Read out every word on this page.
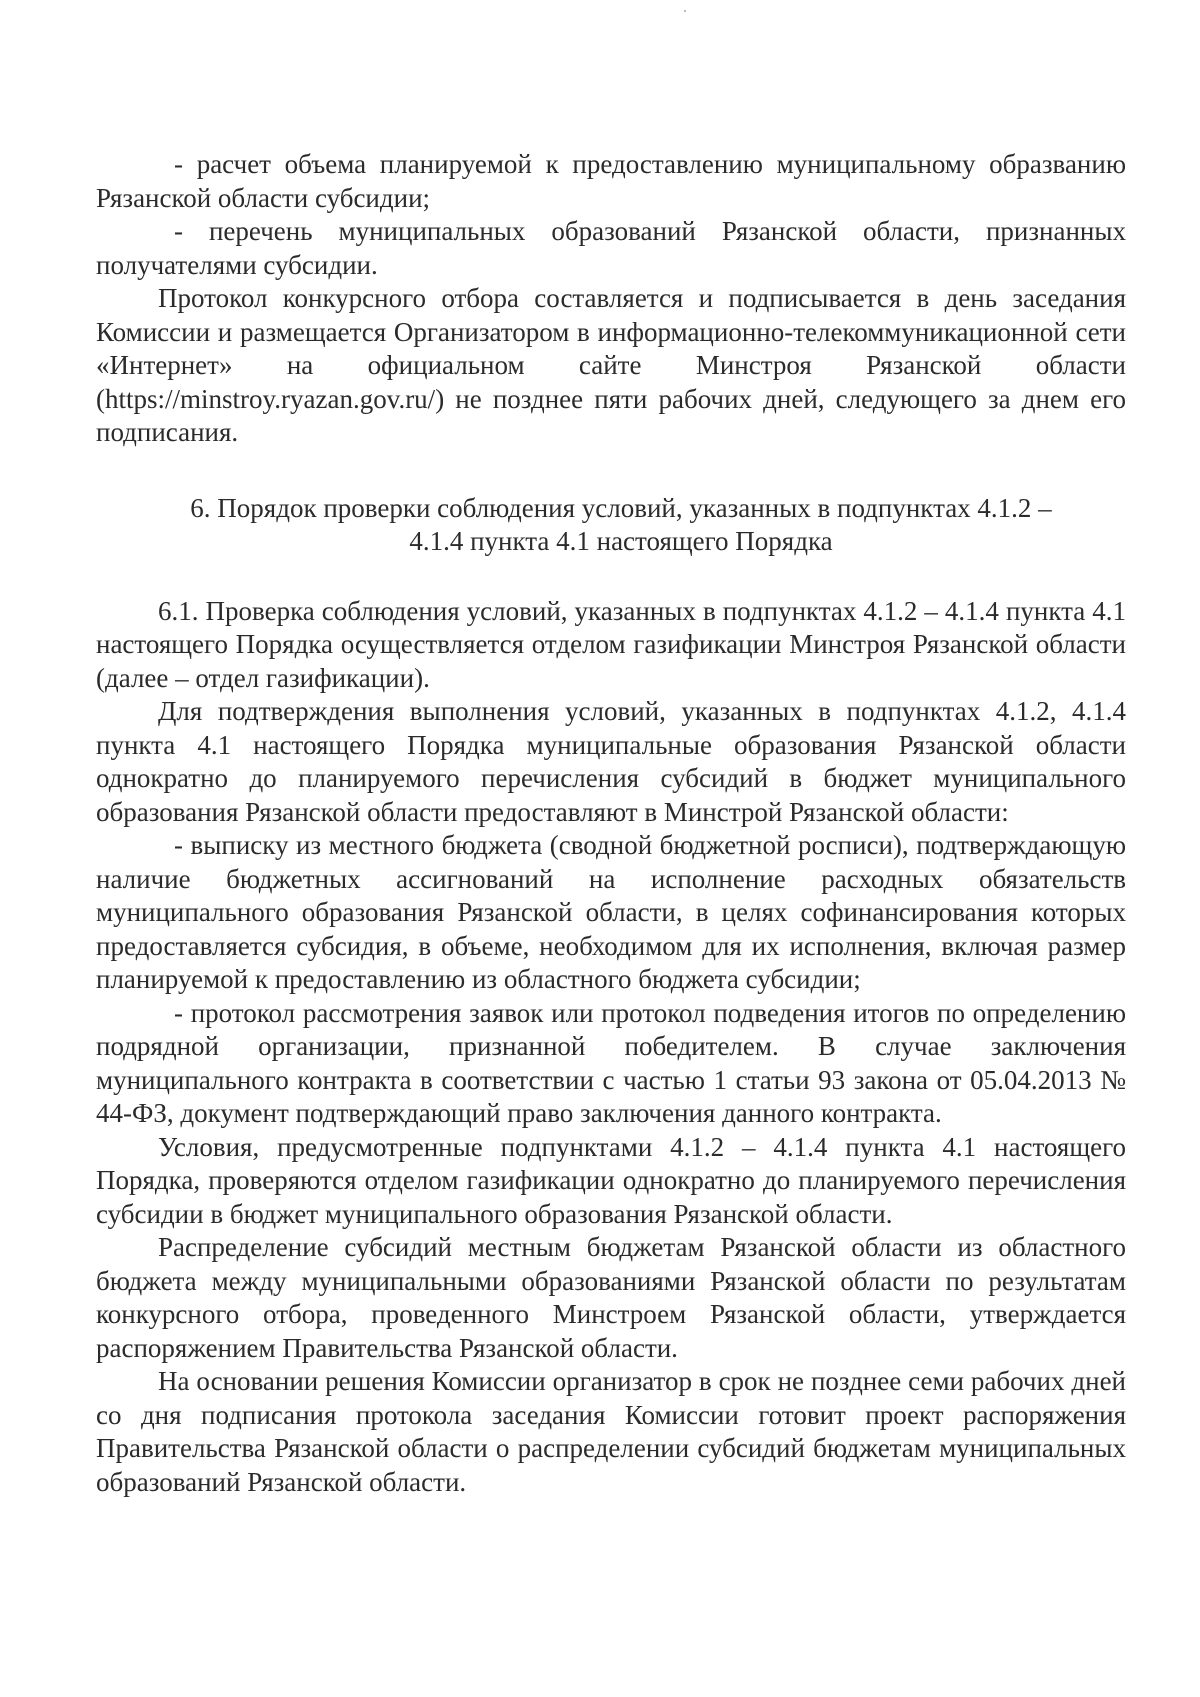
- расчет объема планируемой к предоставлению муниципальному образванию Рязанской области субсидии;

- перечень муниципальных образований Рязанской области, признанных получателями субсидии.

Протокол конкурсного отбора составляется и подписывается в день заседания Комиссии и размещается Организатором в информационно-телекоммуникационной сети «Интернет» на официальном сайте Минстроя Рязанской области (https://minstroy.ryazan.gov.ru/) не позднее пяти рабочих дней, следующего за днем его подписания.

6. Порядок проверки соблюдения условий, указанных в подпунктах 4.1.2 –
4.1.4 пункта 4.1 настоящего Порядка

6.1. Проверка соблюдения условий, указанных в подпунктах 4.1.2 – 4.1.4 пункта 4.1 настоящего Порядка осуществляется отделом газификации Минстроя Рязанской области (далее – отдел газификации).

Для подтверждения выполнения условий, указанных в подпунктах 4.1.2, 4.1.4 пункта 4.1 настоящего Порядка муниципальные образования Рязанской области однократно до планируемого перечисления субсидий в бюджет муниципального образования Рязанской области предоставляют в Минстрой Рязанской области:

- выписку из местного бюджета (сводной бюджетной росписи), подтверждающую наличие бюджетных ассигнований на исполнение расходных обязательств муниципального образования Рязанской области, в целях софинансирования которых предоставляется субсидия, в объеме, необходимом для их исполнения, включая размер планируемой к предоставлению из областного бюджета субсидии;

- протокол рассмотрения заявок или протокол подведения итогов по определению подрядной организации, признанной победителем. В случае заключения муниципального контракта в соответствии с частью 1 статьи 93 закона от 05.04.2013 № 44-ФЗ, документ подтверждающий право заключения данного контракта.

Условия, предусмотренные подпунктами 4.1.2 – 4.1.4 пункта 4.1 настоящего Порядка, проверяются отделом газификации однократно до планируемого перечисления субсидии в бюджет муниципального образования Рязанской области.

Распределение субсидий местным бюджетам Рязанской области из областного бюджета между муниципальными образованиями Рязанской области по результатам конкурсного отбора, проведенного Минстроем Рязанской области, утверждается распоряжением Правительства Рязанской области.

На основании решения Комиссии организатор в срок не позднее семи рабочих дней со дня подписания протокола заседания Комиссии готовит проект распоряжения Правительства Рязанской области о распределении субсидий бюджетам муниципальных образований Рязанской области.
